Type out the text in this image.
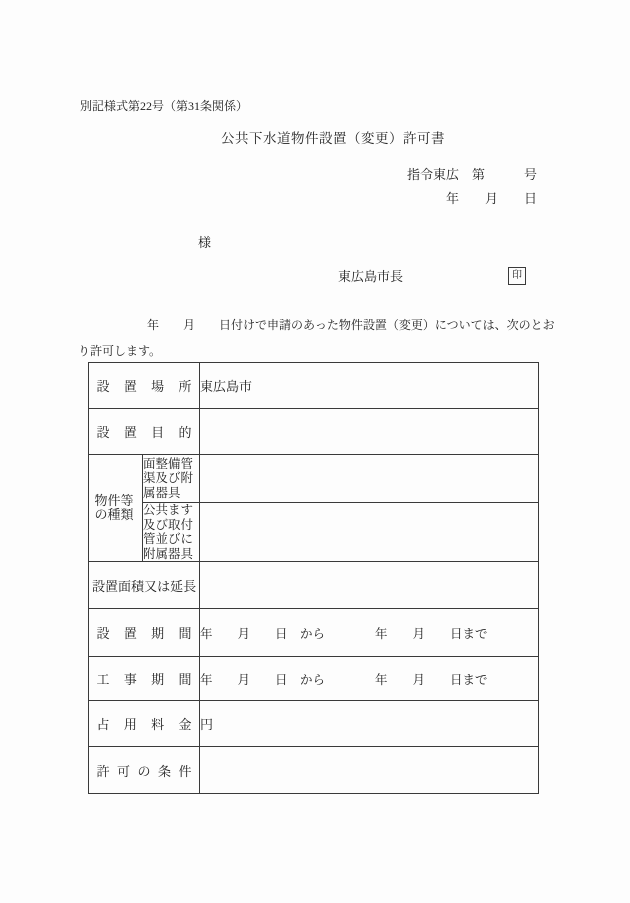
別記様式第22号（第31条関係）
公共下水道物件設置（変更）許可書
指令東広　第　　　号
年　　月　　日
様
東広島市長	印
年　　月　　日付けで申請のあった物件設置（変更）については、次のとお
り許可します。
設 置 場 所		東広島市

設 置 目 的		

物件等の種類	面整備管渠及び附属器具	
	公共ます及び取付管並びに附属器具	

設 置 面 積 又 は 延 長

設 置 期 間		年　　月　　日　から　　　　年　　月　　日まで

工 事 期 間		年　　月　　日　から　　　　年　　月　　日まで

占 用 料 金		円

許 可 の 条 件		
